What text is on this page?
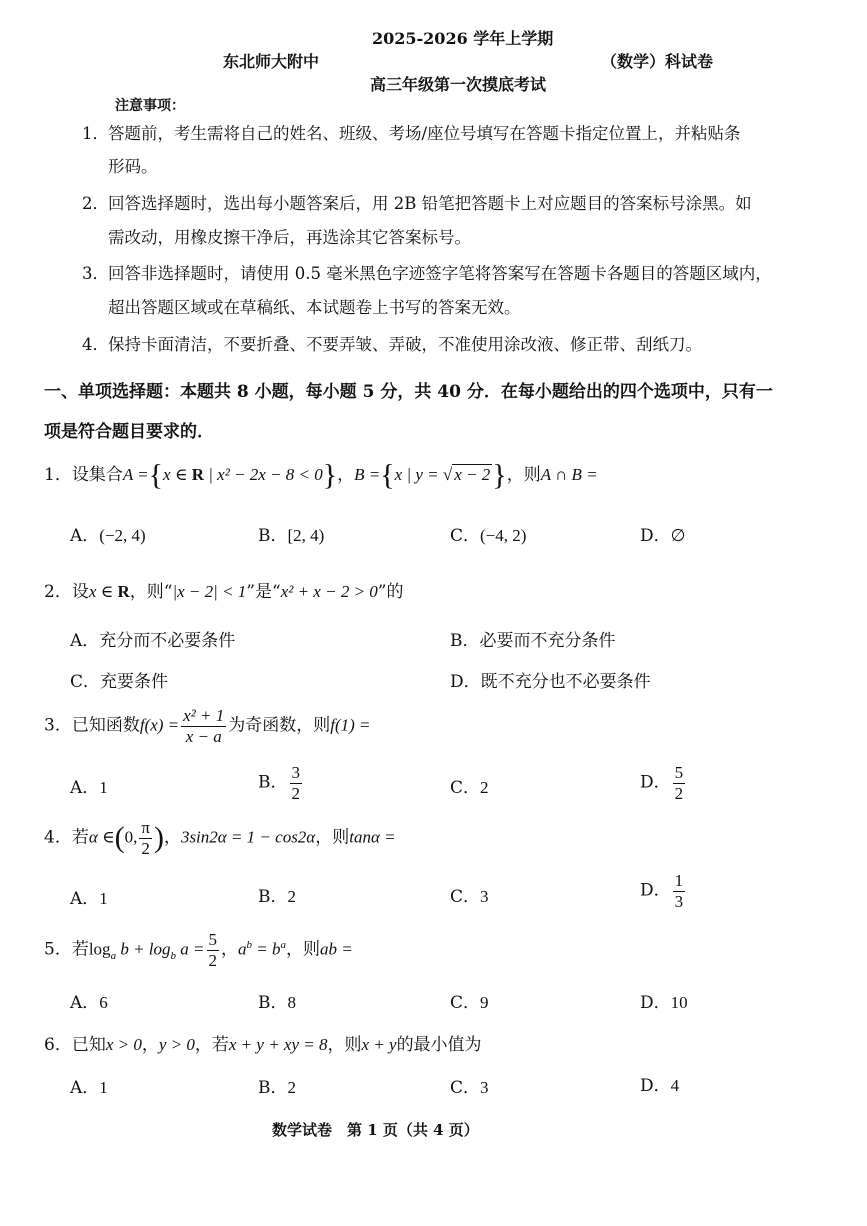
2025-2026 学年上学期
东北师大附中	（数学）科试卷
高三年级第一次摸底考试
注意事项：
1． 答题前，考生需将自己的姓名、班级、考场/座位号填写在答题卡指定位置上，并粘贴条
形码。
2． 回答选择题时，选出每小题答案后，用 2B 铅笔把答题卡上对应题目的答案标号涂黑。如
需改动，用橡皮擦干净后，再选涂其它答案标号。
3． 回答非选择题时，请使用 0.5 毫米黑色字迹签字笔将答案写在答题卡各题目的答题区域内，
超出答题区域或在草稿纸、本试题卷上书写的答案无效。
4． 保持卡面清洁，不要折叠、不要弄皱、弄破，不准使用涂改液、修正带、刮纸刀。
一、单项选择题：本题共 8 小题，每小题 5 分，共 40 分．在每小题给出的四个选项中，只有一
项是符合题目要求的．
1．设集合A ={x ∈ R | x² − 2x − 8 < 0}，B ={x | y = √ x − 2}，则A ∩ B =
A．(−2, 4)	B．[2, 4)	C．(−4, 2)	D．∅
2．设x ∈ R，则“|x − 2| < 1”是“x² + x − 2 > 0”的
A．充分而不必要条件	B．必要而不充分条件
C．充要条件	D．既不充分也不必要条件
3．已知函数$f(x) = \frac{\text{x² + 1}}{x - a}$ 为奇函数，则f(1) =
A．1	B． $\frac{3}{2}$	C．2	D． $\frac{5}{2}$
4．若α ∈(0, $\frac{\pi}{2}$ )，3sin2α = 1 − cos2α，则tanα =
A．1	B．2	C．3	D． $\frac{1}{3}$
5．若$\log_a b + \log_b a = \frac{5}{2}$ ，$a^b = b^a$，则ab =
A．6	B．8	C．9	D．10
6．已知x > 0，y > 0，若x + y + xy = 8，则x + y的最小值为
A．1	B．2	C．3	D．4
数学试卷　第 1 页（共 4 页）
